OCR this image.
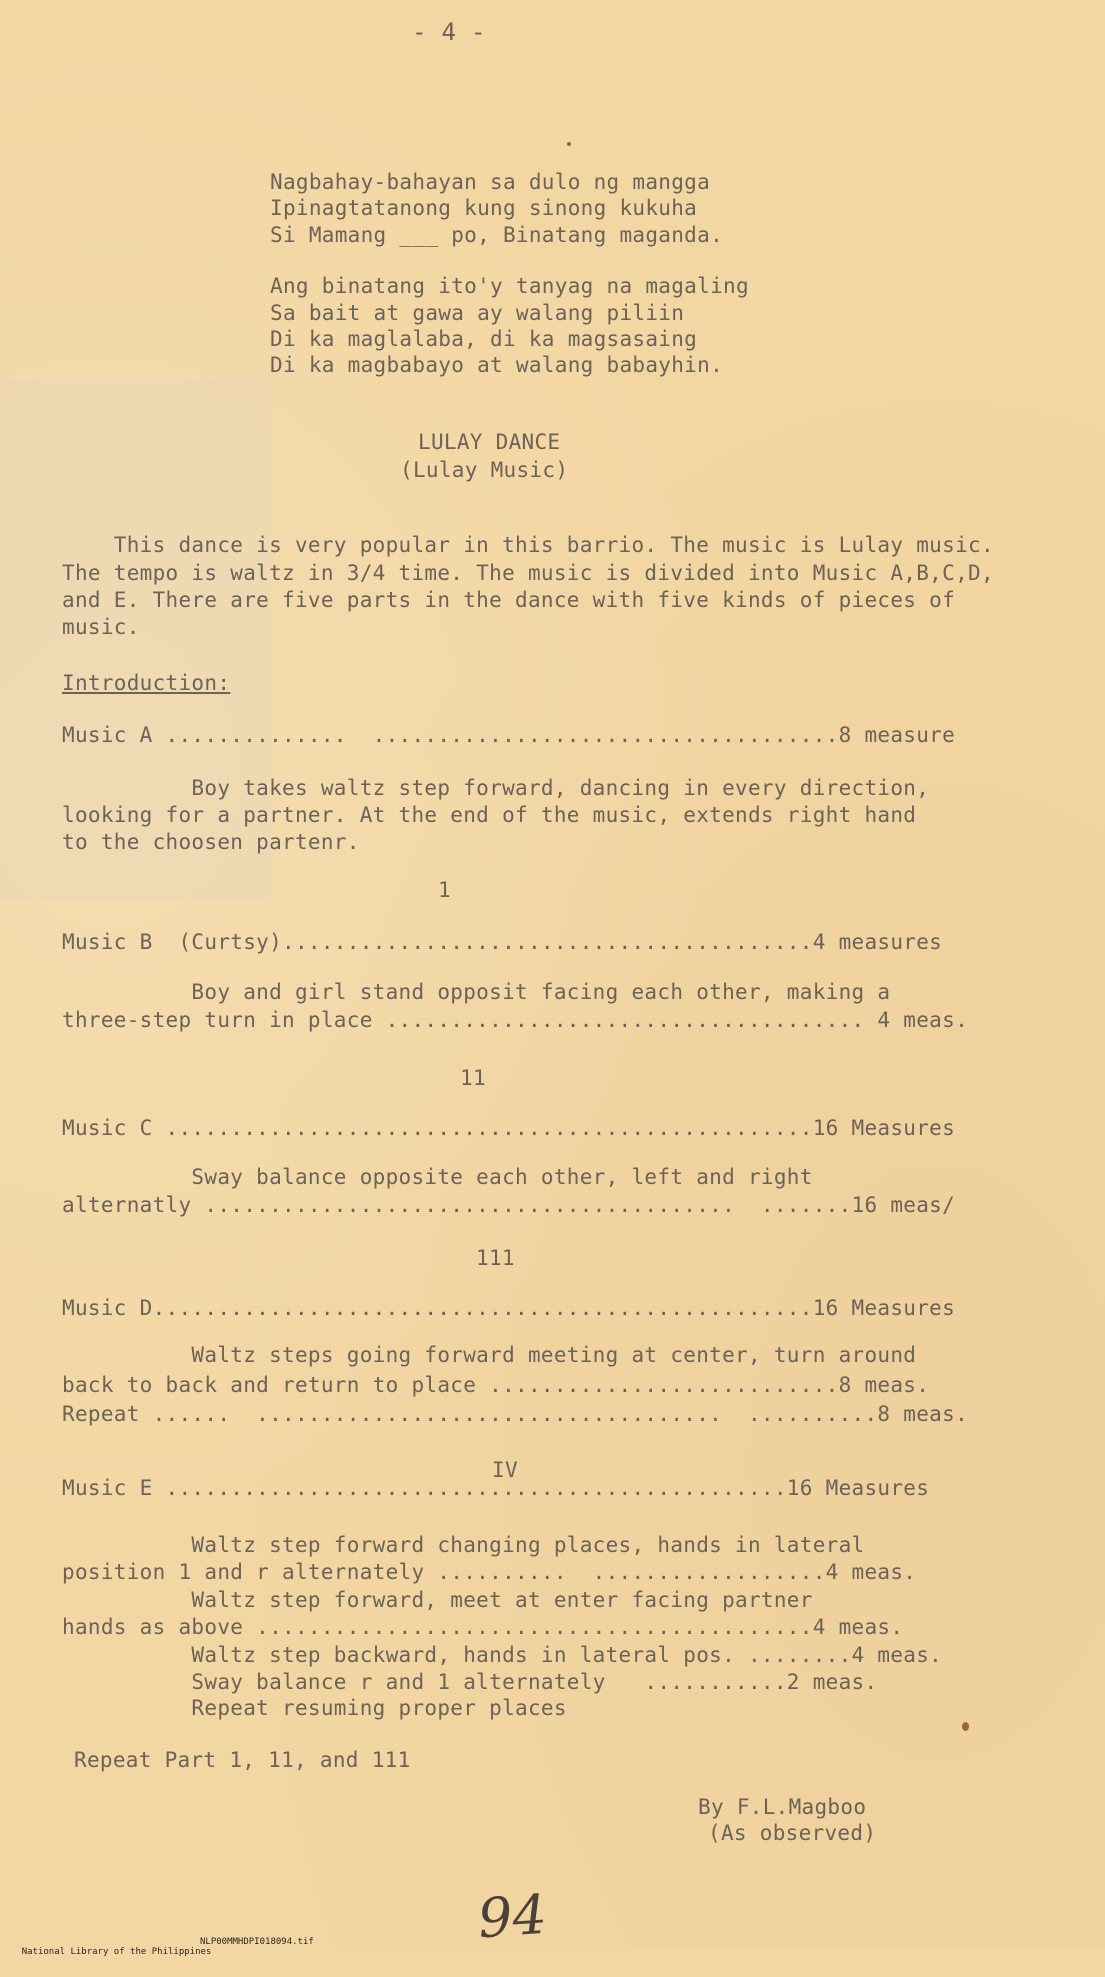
- 4 -
Nagbahay-bahayan sa dulo ng mangga
Ipinagtatanong kung sinong kukuha
Si Mamang ___ po, Binatang maganda.
Ang binatang ito'y tanyag na magaling
Sa bait at gawa ay walang piliin
Di ka maglalaba, di ka magsasaing
Di ka magbabayo at walang babayhin.
LULAY DANCE
(Lulay Music)
This dance is very popular in this barrio. The music is Lulay music.
The tempo is waltz in 3/4 time. The music is divided into Music A,B,C,D,
and E. There are five parts in the dance with five kinds of pieces of
music.
Introduction:
Music A ..............  ....................................8 measure
Boy takes waltz step forward, dancing in every direction,
looking for a partner. At the end of the music, extends right hand
to the choosen partenr.
1
Music B  (Curtsy).........................................4 measures
Boy and girl stand opposit facing each other, making a
three-step turn in place ..................................... 4 meas.
11
Music C ..................................................16 Measures
Sway balance opposite each other, left and right
alternatly .........................................  .......16 meas/
111
Music D...................................................16 Measures
Waltz steps going forward meeting at center, turn around
back to back and return to place ...........................8 meas.
Repeat ......  ....................................  ..........8 meas.
IV
Music E ................................................16 Measures
Waltz step forward changing places, hands in lateral
position 1 and r alternately ..........  ..................4 meas.
Waltz step forward, meet at enter facing partner
hands as above ...........................................4 meas.
Waltz step backward, hands in lateral pos. ........4 meas.
Sway balance r and 1 alternately   ...........2 meas.
Repeat resuming proper places
Repeat Part 1, 11, and 111
By F.L.Magboo
(As observed)
94

National Library of the Philippines

NLP00MMHDPI018094.tif
